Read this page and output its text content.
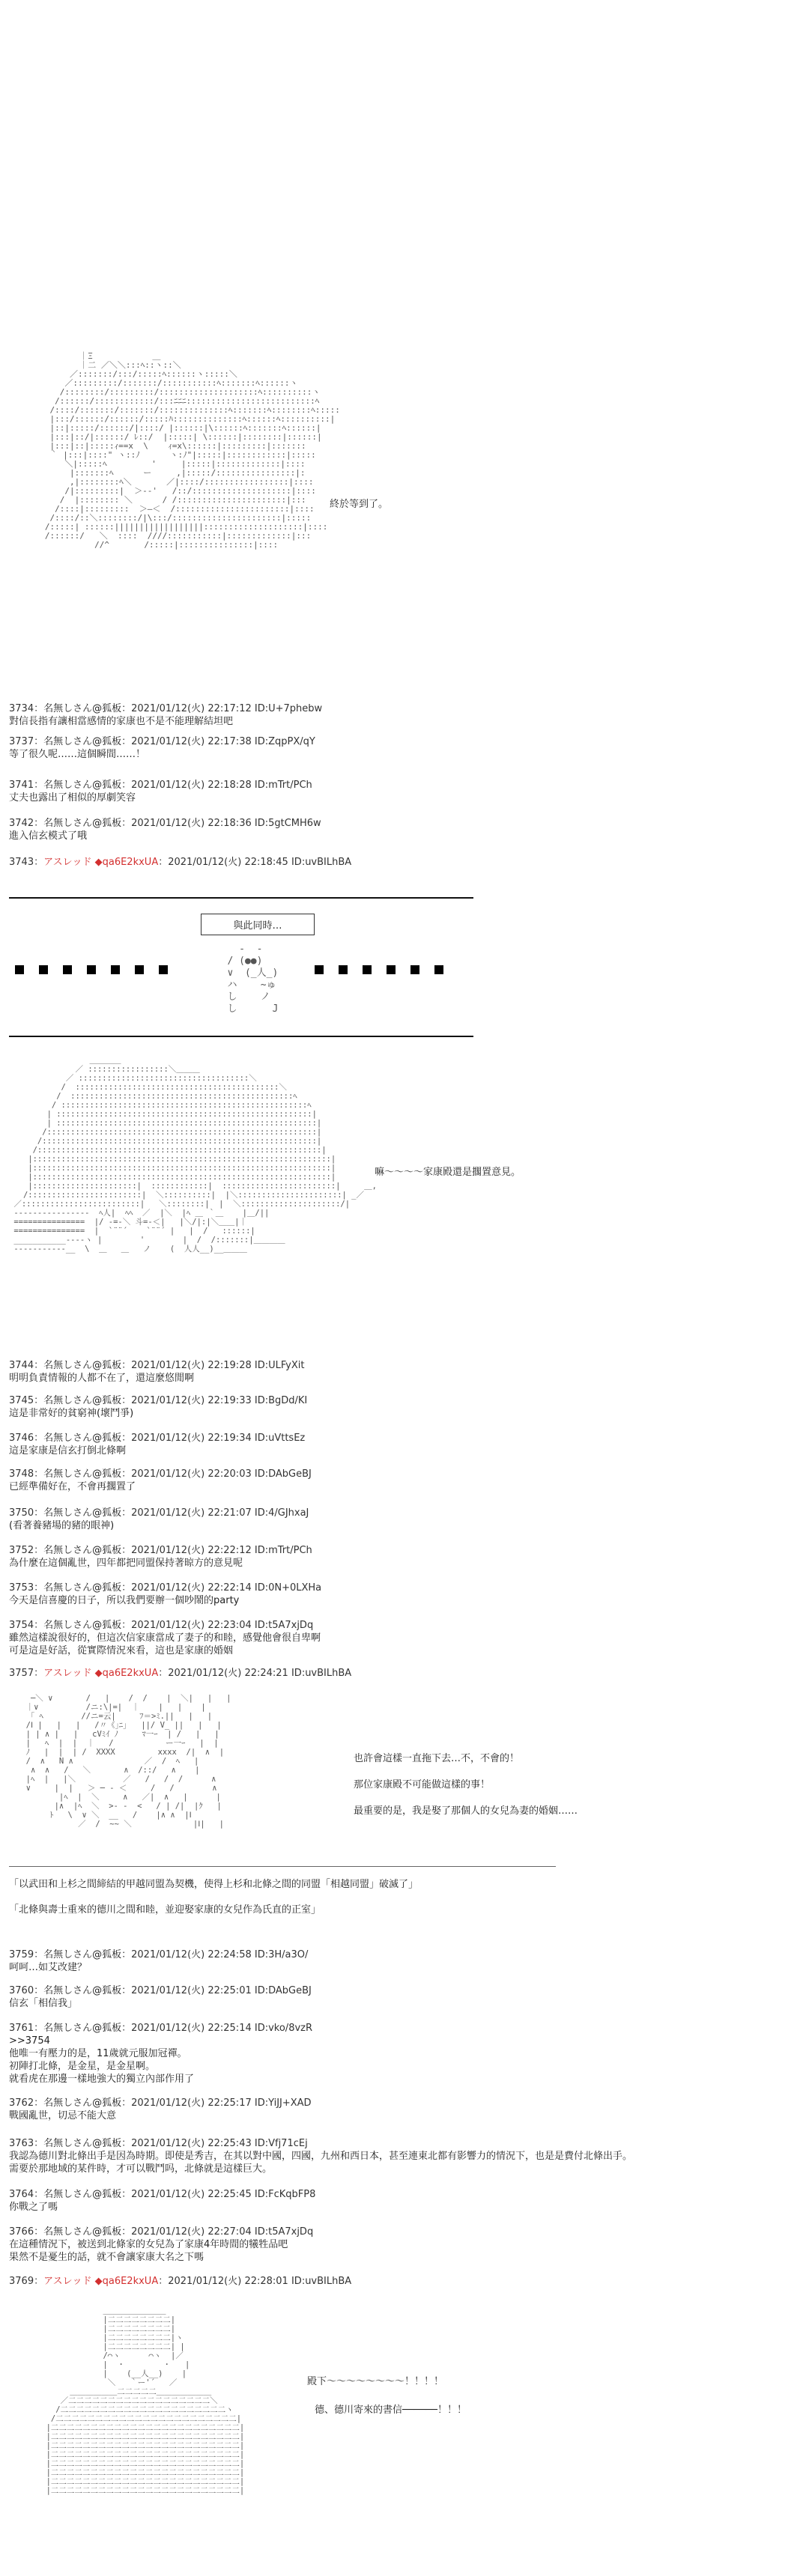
｜Ξ            ＿
｜二 ／＼＼:::ﾍ::ヽ::＼
／:::::::/:::/:::::ﾍ::::::ヽ:::::＼
／:::::::::/:::::::/:::::::::::ﾍ:::::::ﾍ::::::ヽ
/::::::::/:::::::::/::::::::::::::::::::ﾍ::::::::::ヽ
/::::::/::::::::::::/:::ﾆﾆﾆ::::::::::::::::::::::::::ﾍ
/::::/:::::::/:::::::/::::::::::::::ﾍ:::::::ﾍ::::::::ﾍ:::::
|:::/::::::/::::::/:::::ﾊ::::::::::::::ﾍ::::::ﾍ::::::::::|
|::|:::::/::::::/|::::/ |::::::|\::::::ﾍ:::::::ﾍ::::::|
|:::|::/|::::::/ ﾚ::/  |:::::| \::::::|::::::::|::::::|
|:::|::|:::::ｨ==x  \    ｨ=x\::::::|:::::::::|:::::::
｀ |:::|::::" ヽ::ﾉ      ヽ:ﾉ"|:::::|::::::::::::|:::::
＼|:::::ﾍ         '     |:::::|:::::::::::::|::::
|:::::::ﾍ      ー     ,|:::::/::::::::::::::::|:
,|::::::::ﾍ＼       ／|::::/:::::::::::::::::|::::
/|:::::::::|  ＞-‐'   /::/::::::::::::::::::::|::::
/  |:::::::: ＼      / /::::::::::::::::::::::|:::
/::::|:::::::::  ＞―＜  /:::::::::::::::::::::::|::::
/::::/::＼::::::::/|\:::/::::::::::::::::::::::|:::::
/:::::| ::::::||||||||||||||||||::::::::::::::::::::|::::
/::::::/   ＼  ::::  ////:::::::::::|:::::::::::::|:::
//^       /:::::|:::::::::::::::|::::
終於等到了。
3734：名無しさん@狐板：2021/01/12(火) 22:17:12 ID:U+7phebw
對信長指有讓相當感情的家康也不是不能理解結坦吧
3737：名無しさん@狐板：2021/01/12(火) 22:17:38 ID:ZqpPX/qY
等了很久呢……這個瞬間……！
3741：名無しさん@狐板：2021/01/12(火) 22:18:28 ID:mTrt/PCh
丈夫也露出了相似的厚劇笑容
3742：名無しさん@狐板：2021/01/12(火) 22:18:36 ID:5gtCMH6w
進入信玄模式了哦
3743：アスレッド ◆qa6E2kxUA：2021/01/12(火) 22:18:45 ID:uvBILhBA
與此同時…
-  -
/ (●●)
∨  (_人_)
ハ    ~ゅ
し    ノ
し      J
＿＿＿＿
／ :::::::::::::::::＼＿＿＿
／ ::::::::::::::::::::::::::::::::::::＼
/  :::::::::::::::::::::::::::::::::::::::::::＼
/  :::::::::::::::::::::::::::::::::::::::::::::::ﾍ
/ ::::::::::::::::::::::::::::::::::::::::::::::::::::ﾍ
| ::::::::::::::::::::::::::::::::::::::::::::::::::::::|
| :::::::::::::::::::::::::::::::::::::::::::::::::::::::|
/:::::::::::::::::::::::::::::::::::::::::::::::::::::::::|
/::::::::::::::::::::::::::::::::::::::::::::::::::::::::::|
/::::::::::::::::::::::::::::::::::::::::::::::::::::::::::::|
|:::::::::::::::::::::::::::::::::::::::::::::::::::::::::::::::|
|:::::::::::::::::::::::::::::::::::::::::::::::::::::::::::::::|
|:::::::::::::::::::::::::::::::::::::::::::::::::::::::::::::::|
|::::::::::::::::::::::|  ::::::::::::|  ::::::::::::::::::::::::|     ＿,
/::::::::::::::::::::::::|  ＼::::::::::|  |＼::::::::::::::::::::::| _／
／:::::::::::::::::::::::::|   ＼::::::::|  |  ＼:::::::::::::::::::::/|
‐‐‐‐‐‐‐‐‐‐‐‐‐‐‐‐  ﾍ人|  ﾍﾍ  ／  |＼  |ﾍ ＿ ｀＿    |＿/||
===============  |/ ‐=‐＼ 斗=‐＜|   |＼/|:|＼＿＿|｜
===============  |  `¨¨´    `¨¨´ |   |  /   ::::::|
___________--‐‐ヽ |        '        |  /  /:::::::|＿＿＿＿
‐‐‐‐‐‐‐‐‐‐‐__  \  ＿   ＿   ノ    (  人人__)__＿＿＿
嘛～～～～家康殿還是擱置意見。
3744：名無しさん@狐板：2021/01/12(火) 22:19:28 ID:ULFyXit
明明負責情報的人都不在了，還這麼悠閒啊
3745：名無しさん@狐板：2021/01/12(火) 22:19:33 ID:BgDd/KI
這是非常好的貧窮神(壞鬥爭)
3746：名無しさん@狐板：2021/01/12(火) 22:19:34 ID:uVttsEz
這是家康是信玄打倒北條啊
3748：名無しさん@狐板：2021/01/12(火) 22:20:03 ID:DAbGeBJ
已經準備好在，不會再擱置了
3750：名無しさん@狐板：2021/01/12(火) 22:21:07 ID:4/GJhxaJ
(看著養豬場的豬的眼神)
3752：名無しさん@狐板：2021/01/12(火) 22:22:12 ID:mTrt/PCh
為什麼在這個亂世，四年都把同盟保持著晾方的意見呢
3753：名無しさん@狐板：2021/01/12(火) 22:22:14 ID:0N+0LXHa
今天是信喜慶的日子，所以我們要辦一個吵鬧的party
3754：名無しさん@狐板：2021/01/12(火) 22:23:04 ID:t5A7xjDq
雖然這樣說很好的，但這次信家康當成了妻子的和睦，感覺他會很自卑啊
可是這是好話，從實際情況來看，這也是家康的婚姻
3757：アスレッド ◆qa6E2kxUA：2021/01/12(火) 22:24:21 ID:uvBILhBA
─＼ ∨       /   |    /  /    |  ＼|   |   |
｜∨          /ニ:\|=|  ｜    |   |    |
｢ ﾍ        //ニ=云|     ﾌ＝>ﾐ.||   |   |
/Ⅰ |   |   |   /〃《｣ﾆ｣   ||/ V_ ||   |   |
| | ∧ |   |   cVﾐｲ ﾉ     ﾏ一ｰ  | /   |   |
|   ﾍ  |  |  ｜   /           ー一ｰ   |  |
ﾉ   |  |  | /  XXXX         xxxx  /|  ∧  |
/  ∧   N ∧               ／  /  ﾍ   |
∧  ∧   /   ＼       ∧  /::/   ∧    |
|ﾍ  |   |＼          ／   /   /  /      ∧
∨     |  |   ＞ ─ ‐ ＜     /   /        ∧
|ﾍ  |  ＼     ∧   ／|  ∧   |      |
|∧  |ﾍ  ＼  >- -  <   / | /|  |ｸ   |
ﾄ   \  ∨ ＼  __   /    |∧ ∧  |Ⅰ
／  /  ~~ ＼             |Ⅰ|   |
也許會這樣一直拖下去…不，不會的！
那位家康殿不可能做這樣的事！
最重要的是，我是娶了那個人的女兒為妻的婚姻……
「以武田和上杉之間締結的甲越同盟為契機，使得上杉和北條之間的同盟「相越同盟」破滅了」
「北條與壽士重來的德川之間和睦，並迎娶家康的女兒作為氏直的正室」
3759：名無しさん@狐板：2021/01/12(火) 22:24:58 ID:3H/a3O/
呵呵…如艾改建？
3760：名無しさん@狐板：2021/01/12(火) 22:25:01 ID:DAbGeBJ
信玄「相信我」
3761：名無しさん@狐板：2021/01/12(火) 22:25:14 ID:vko/8vzR
>>3754
他唯一有壓力的是，11歲就元服加冠禪。
初陣打北條，是金星，是金星啊。
就看虎在那邊一樣地強大的獨立內部作用了
3762：名無しさん@狐板：2021/01/12(火) 22:25:17 ID:YiJJ+XAD
戰國亂世，切忌不能大意
3763：名無しさん@狐板：2021/01/12(火) 22:25:43 ID:Vfj71cEj
我認為德川對北條出手是因為時期。即使是秀吉，在其以對中國，四國，九州和西日本，甚至連東北都有影響力的情況下，也是是費付北條出手。
需要於那地域的某件時，才可以戰鬥吗，北條就是這樣巨大。
3764：名無しさん@狐板：2021/01/12(火) 22:25:45 ID:FcKqbFP8
你戰之了嗎
3766：名無しさん@狐板：2021/01/12(火) 22:27:04 ID:t5A7xjDq
在這種情況下，被送到北條家的女兒為了家康4年時間的犧牲品吧
果然不是憂生的話，就不會讓家康大名之下嗎
3769：アスレッド ◆qa6E2kxUA：2021/01/12(火) 22:28:01 ID:uvBILhBA
＿＿＿＿＿＿＿＿
|二二二二二二二二|
|二二二二二二二二|
|二二二二二二二二|ヽ
|二二二二二二二二| |
/⌒ヽ      ⌒ヽ  |／
|  ・        ・   |
|    (__人__)    |
＼   ｀ー'´   ／
＿＿＿＿＿＿二二二二二＿＿＿＿＿＿＿
／二二二二二二二二二二二二二二二二二二＼
/二二二二二二二二二二二二二二二二二二二二二ヽ
/二二二二二二二二二二二二二二二二二二二二二二二|
|二二二二二二二二二二二二二二二二二二二二二二二二|
|二二二二二二二二二二二二二二二二二二二二二二二二|
|二二二二二二二二二二二二二二二二二二二二二二二二|
|二二二二二二二二二二二二二二二二二二二二二二二二|
|二二二二二二二二二二二二二二二二二二二二二二二二|
|二二二二二二二二二二二二二二二二二二二二二二二二|
|二二二二二二二二二二二二二二二二二二二二二二二二|
|二二二二二二二二二二二二二二二二二二二二二二二二|
殿下～～～～～～～～！！！！
德、德川寄來的書信──────！！！
